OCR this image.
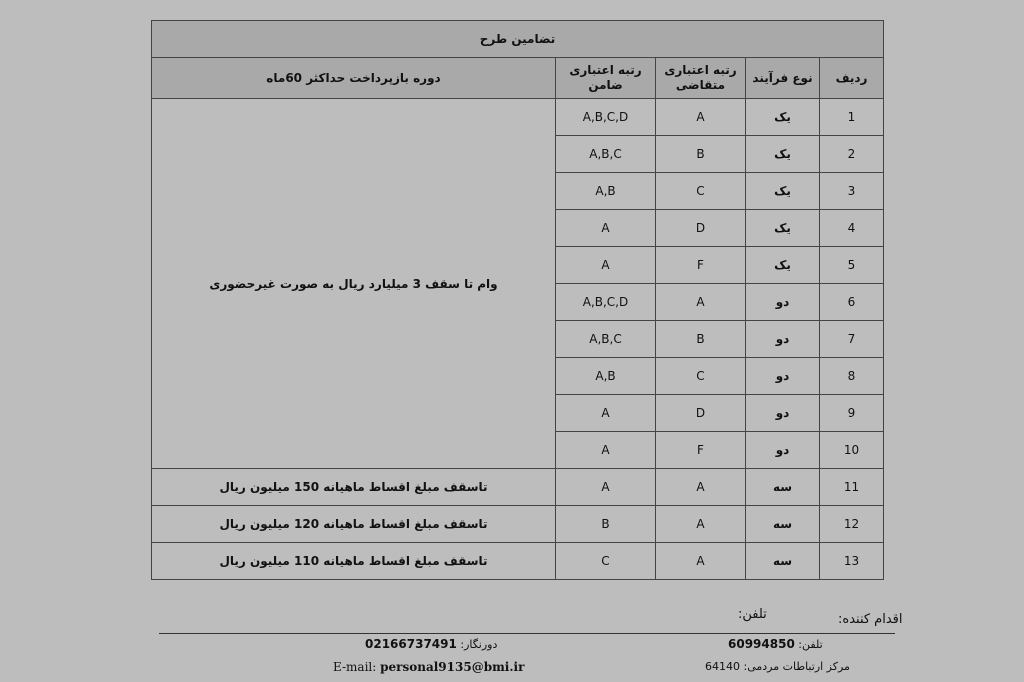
تضامین طرح				
ردیف	نوع فرآیند	رتبه اعتباری متقاضی	رتبه اعتباری ضامن	دوره بازپرداخت حداکثر 60ماه
1	یک	A	A,B,C,D	وام تا سقف 3 میلیارد ریال به صورت غیرحضوری
2	یک	B	A,B,C	
3	یک	C	A,B	
4	یک	D	A	
5	یک	F	A	
6	دو	A	A,B,C,D	
7	دو	B	A,B,C	
8	دو	C	A,B	
9	دو	D	A	
10	دو	F	A	
11	سه	A	A	تاسقف مبلغ اقساط ماهیانه 150 میلیون ریال
12	سه	A	B	تاسقف مبلغ اقساط ماهیانه 120 میلیون ریال
13	سه	A	C	تاسقف مبلغ اقساط ماهیانه 110 میلیون ریال
اقدام کننده:
تلفن:
تلفن: 60994850
دورنگار: 02166737491
مرکز ارتباطات مردمی: 64140
E-mail: personal9135@bmi.ir
